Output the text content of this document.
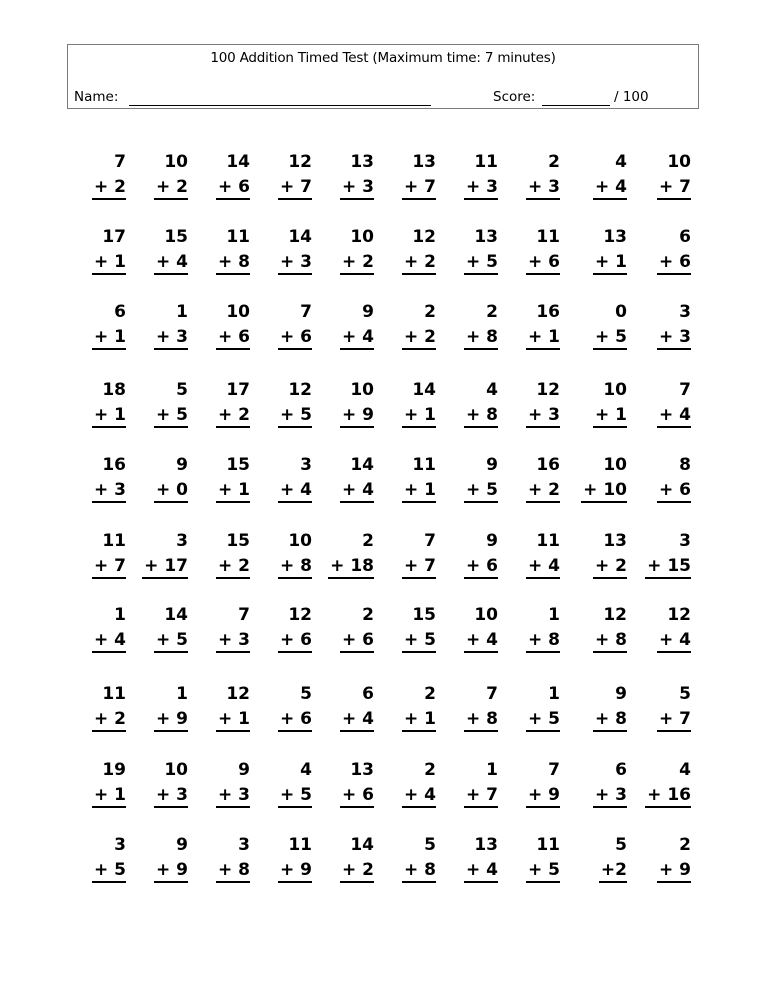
100 Addition Timed Test (Maximum time: 7 minutes)
Name:	Score:	/ 100
7
+ 2
10
+ 2
14
+ 6
12
+ 7
13
+ 3
13
+ 7
11
+ 3
2
+ 3
4
+ 4
10
+ 7
17
+ 1
15
+ 4
11
+ 8
14
+ 3
10
+ 2
12
+ 2
13
+ 5
11
+ 6
13
+ 1
6
+ 6
6
+ 1
1
+ 3
10
+ 6
7
+ 6
9
+ 4
2
+ 2
2
+ 8
16
+ 1
0
+ 5
3
+ 3
18
+ 1
5
+ 5
17
+ 2
12
+ 5
10
+ 9
14
+ 1
4
+ 8
12
+ 3
10
+ 1
7
+ 4
16
+ 3
9
+ 0
15
+ 1
3
+ 4
14
+ 4
11
+ 1
9
+ 5
16
+ 2
10
+ 10
8
+ 6
11
+ 7
3
+ 17
15
+ 2
10
+ 8
2
+ 18
7
+ 7
9
+ 6
11
+ 4
13
+ 2
3
+ 15
1
+ 4
14
+ 5
7
+ 3
12
+ 6
2
+ 6
15
+ 5
10
+ 4
1
+ 8
12
+ 8
12
+ 4
11
+ 2
1
+ 9
12
+ 1
5
+ 6
6
+ 4
2
+ 1
7
+ 8
1
+ 5
9
+ 8
5
+ 7
19
+ 1
10
+ 3
9
+ 3
4
+ 5
13
+ 6
2
+ 4
1
+ 7
7
+ 9
6
+ 3
4
+ 16
3
+ 5
9
+ 9
3
+ 8
11
+ 9
14
+ 2
5
+ 8
13
+ 4
11
+ 5
5
+2
2
+ 9
